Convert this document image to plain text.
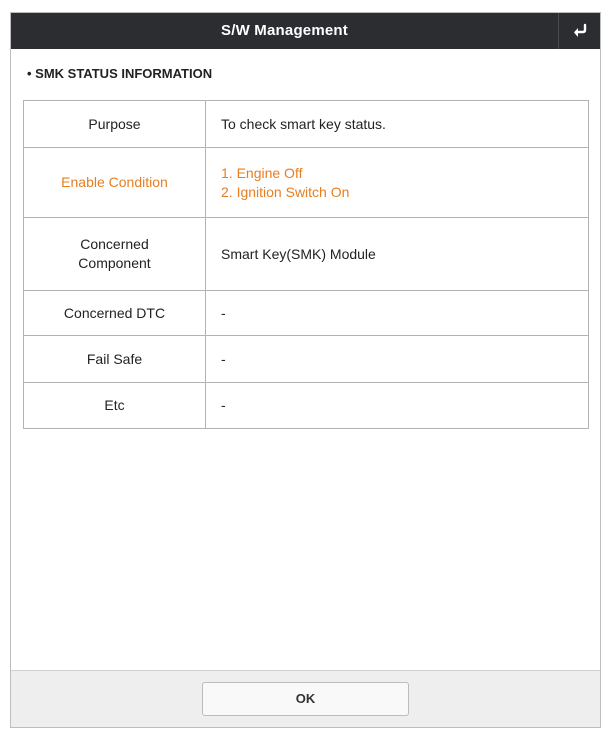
S/W Management
• SMK STATUS INFORMATION
Purpose	To check smart key status.
Enable Condition	1. Engine Off
2. Ignition Switch On

Concerned
Component	Smart Key(SMK) Module
Concerned DTC	-
Fail Safe	-
Etc	-
OK
